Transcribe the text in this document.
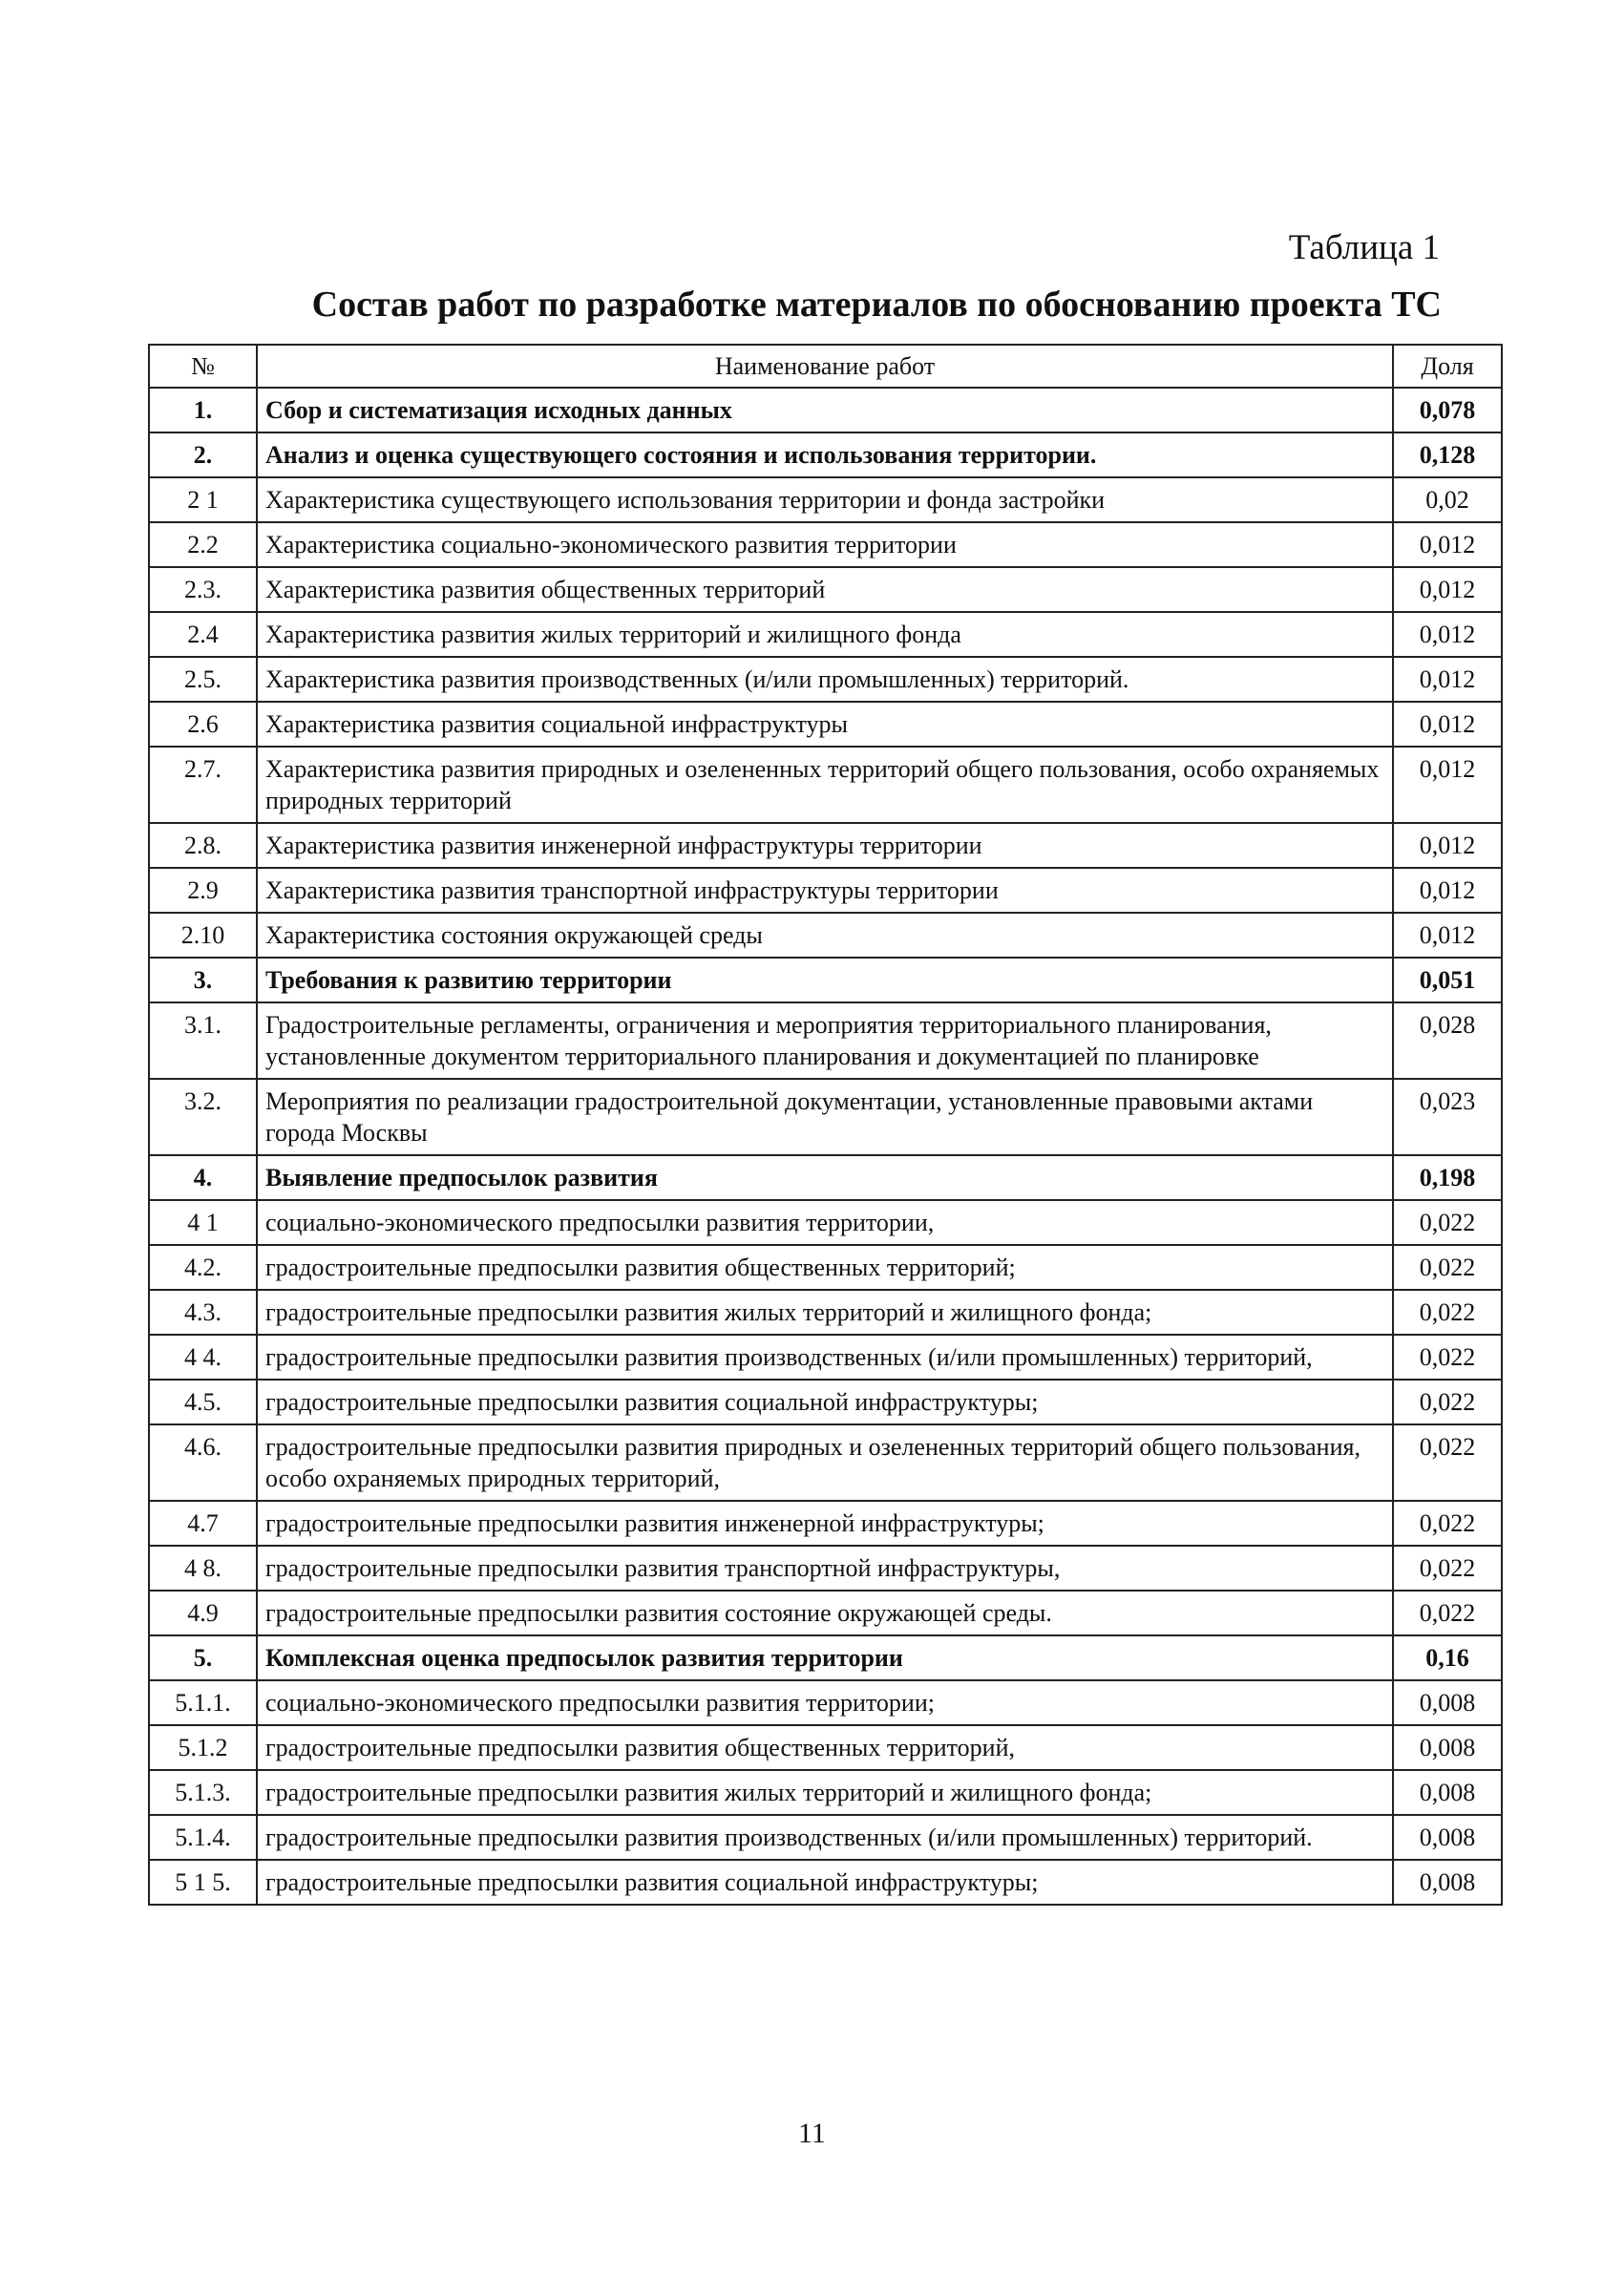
Таблица 1
Состав работ по разработке материалов по обоснованию проекта ТС
№	Наименование работ	Доля
1.	Сбор и систематизация исходных данных	0,078
2.	Анализ и оценка существующего состояния и использования территории.	0,128
2 1	Характеристика существующего использования территории и фонда застройки	0,02
2.2	Характеристика социально-экономического развития территории	0,012
2.3.	Характеристика развития общественных территорий	0,012
2.4	Характеристика развития жилых территорий и жилищного фонда	0,012
2.5.	Характеристика развития производственных (и/или промышленных) территорий.	0,012
2.6	Характеристика развития социальной инфраструктуры	0,012
2.7.	Характеристика развития природных и озелененных территорий общего пользования, особо охраняемых природных территорий	0,012
2.8.	Характеристика развития инженерной инфраструктуры территории	0,012
2.9	Характеристика развития транспортной инфраструктуры территории	0,012
2.10	Характеристика состояния окружающей среды	0,012
3.	Требования к развитию территории	0,051
3.1.	Градостроительные регламенты, ограничения и мероприятия территориального планирования, установленные документом территориального планирования и документацией по планировке	0,028
3.2.	Мероприятия по реализации градостроительной документации, установленные правовыми актами города Москвы	0,023
4.	Выявление предпосылок развития	0,198
4 1	социально-экономического предпосылки развития территории,	0,022
4.2.	градостроительные предпосылки развития общественных территорий;	0,022
4.3.	градостроительные предпосылки развития жилых территорий и жилищного фонда;	0,022
4 4.	градостроительные предпосылки развития производственных (и/или промышленных) территорий,	0,022
4.5.	градостроительные предпосылки развития социальной инфраструктуры;	0,022
4.6.	градостроительные предпосылки развития природных и озелененных территорий общего пользования, особо охраняемых природных территорий,	0,022
4.7	градостроительные предпосылки развития инженерной инфраструктуры;	0,022
4 8.	градостроительные предпосылки развития транспортной инфраструктуры,	0,022
4.9	градостроительные предпосылки развития состояние окружающей среды.	0,022
5.	Комплексная оценка предпосылок развития территории	0,16
5.1.1.	социально-экономического предпосылки развития территории;	0,008
5.1.2	градостроительные предпосылки развития общественных территорий,	0,008
5.1.3.	градостроительные предпосылки развития жилых территорий и жилищного фонда;	0,008
5.1.4.	градостроительные предпосылки развития производственных (и/или промышленных) территорий.	0,008
5 1 5.	градостроительные предпосылки развития социальной инфраструктуры;	0,008
11
